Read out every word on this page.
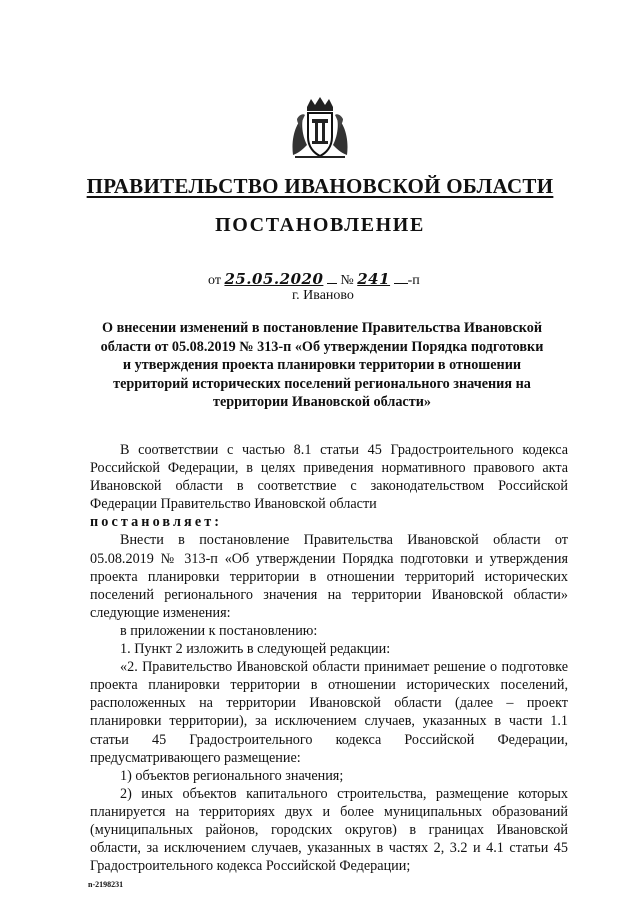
ПРАВИТЕЛЬСТВО ИВАНОВСКОЙ ОБЛАСТИ
ПОСТАНОВЛЕНИЕ
от 25.05.2020 № 241 -п
г. Иваново
О внесении изменений в постановление Правительства Ивановской области от 05.08.2019 № 313-п «Об утверждении Порядка подготовки и утверждения проекта планировки территории в отношении территорий исторических поселений регионального значения на территории Ивановской области»

В соответствии с частью 8.1 статьи 45 Градостроительного кодекса Российской Федерации, в целях приведения нормативного правового акта Ивановской области в соответствие с законодательством Российской Федерации Правительство Ивановской области

постановляет:

Внести в постановление Правительства Ивановской области от 05.08.2019 № 313-п «Об утверждении Порядка подготовки и утверждения проекта планировки территории в отношении территорий исторических поселений регионального значения на территории Ивановской области» следующие изменения:

в приложении к постановлению:

1. Пункт 2 изложить в следующей редакции:

«2. Правительство Ивановской области принимает решение о подготовке проекта планировки территории в отношении исторических поселений, расположенных на территории Ивановской области (далее – проект планировки территории), за исключением случаев, указанных в части 1.1 статьи 45 Градостроительного кодекса Российской Федерации, предусматривающего размещение:

1) объектов регионального значения;

2) иных объектов капитального строительства, размещение которых планируется на территориях двух и более муниципальных образований (муниципальных районов, городских округов) в границах Ивановской области, за исключением случаев, указанных в частях 2, 3.2 и 4.1 статьи 45 Градостроительного кодекса Российской Федерации;

n-2198231
